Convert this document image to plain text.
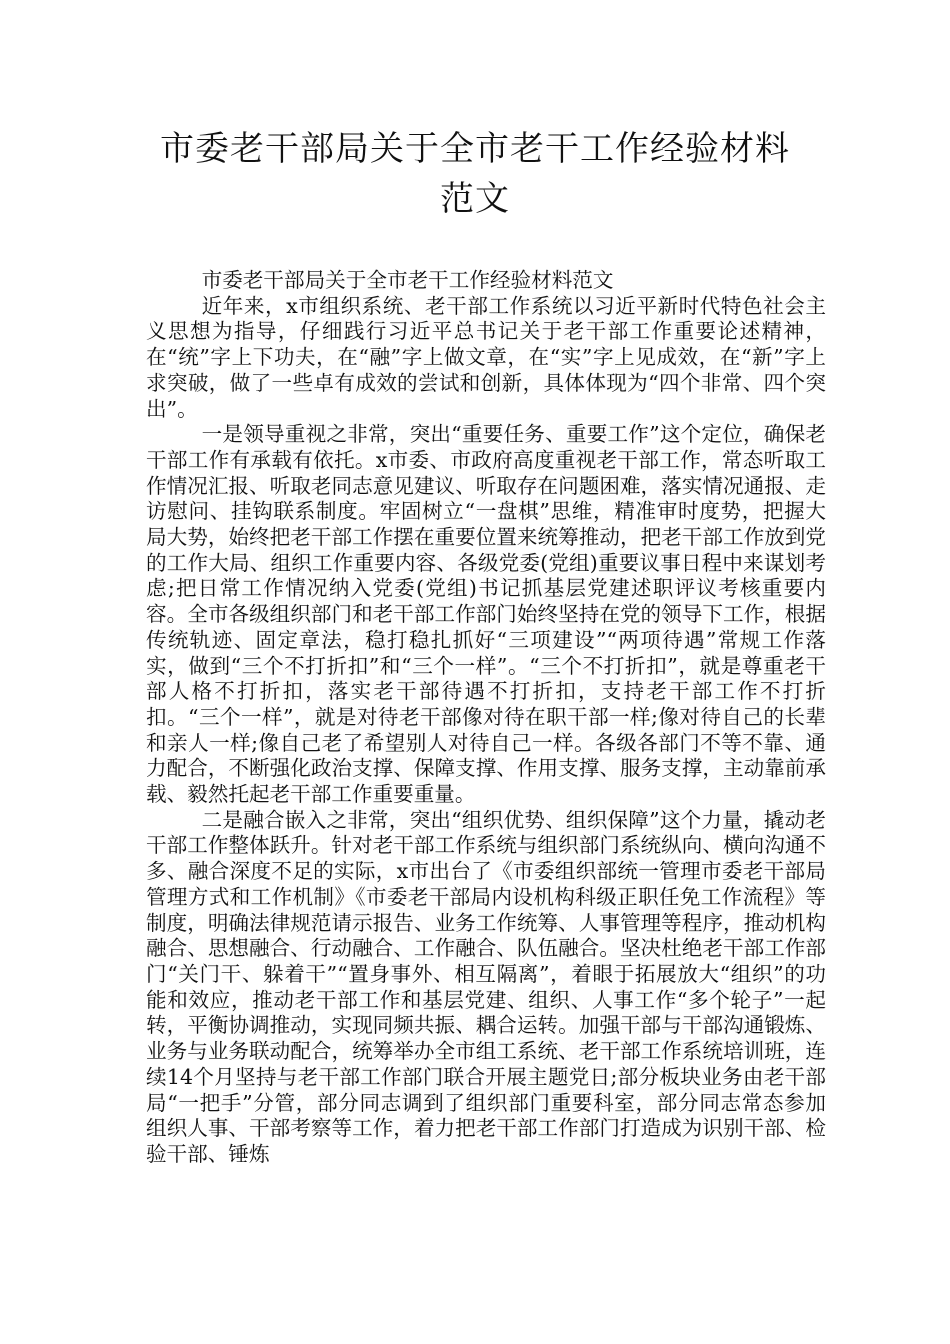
市委老干部局关于全市老干工作经验材料
范文

市委老干部局关于全市老干工作经验材料范文

近年来，x市组织系统、老干部工作系统以习近平新时代特色社会主义思想为指导，仔细践行习近平总书记关于老干部工作重要论述精神，在“统”字上下功夫，在“融”字上做文章，在“实”字上见成效，在“新”字上求突破，做了一些卓有成效的尝试和创新，具体体现为“四个非常、四个突出”。

一是领导重视之非常，突出“重要任务、重要工作”这个定位，确保老干部工作有承载有依托。x市委、市政府高度重视老干部工作，常态听取工作情况汇报、听取老同志意见建议、听取存在问题困难，落实情况通报、走访慰问、挂钩联系制度。牢固树立“一盘棋”思维，精准审时度势，把握大局大势，始终把老干部工作摆在重要位置来统筹推动，把老干部工作放到党的工作大局、组织工作重要内容、各级党委(党组)重要议事日程中来谋划考虑;把日常工作情况纳入党委(党组)书记抓基层党建述职评议考核重要内容。全市各级组织部门和老干部工作部门始终坚持在党的领导下工作，根据传统轨迹、固定章法，稳打稳扎抓好“三项建设”“两项待遇”常规工作落实，做到“三个不打折扣”和“三个一样”。“三个不打折扣”，就是尊重老干部人格不打折扣，落实老干部待遇不打折扣，支持老干部工作不打折扣。“三个一样”，就是对待老干部像对待在职干部一样;像对待自己的长辈和亲人一样;像自己老了希望别人对待自己一样。各级各部门不等不靠、通力配合，不断强化政治支撑、保障支撑、作用支撑、服务支撑，主动靠前承载、毅然托起老干部工作重要重量。

二是融合嵌入之非常，突出“组织优势、组织保障”这个力量，撬动老干部工作整体跃升。针对老干部工作系统与组织部门系统纵向、横向沟通不多、融合深度不足的实际，x市出台了《市委组织部统一管理市委老干部局管理方式和工作机制》《市委老干部局内设机构科级正职任免工作流程》等制度，明确法律规范请示报告、业务工作统筹、人事管理等程序，推动机构融合、思想融合、行动融合、工作融合、队伍融合。坚决杜绝老干部工作部门“关门干、躲着干”“置身事外、相互隔离”，着眼于拓展放大“组织”的功能和效应，推动老干部工作和基层党建、组织、人事工作“多个轮子”一起转，平衡协调推动，实现同频共振、耦合运转。加强干部与干部沟通锻炼、业务与业务联动配合，统筹举办全市组工系统、老干部工作系统培训班，连续14个月坚持与老干部工作部门联合开展主题党日;部分板块业务由老干部局“一把手”分管，部分同志调到了组织部门重要科室，部分同志常态参加组织人事、干部考察等工作，着力把老干部工作部门打造成为识别干部、检验干部、锤炼
